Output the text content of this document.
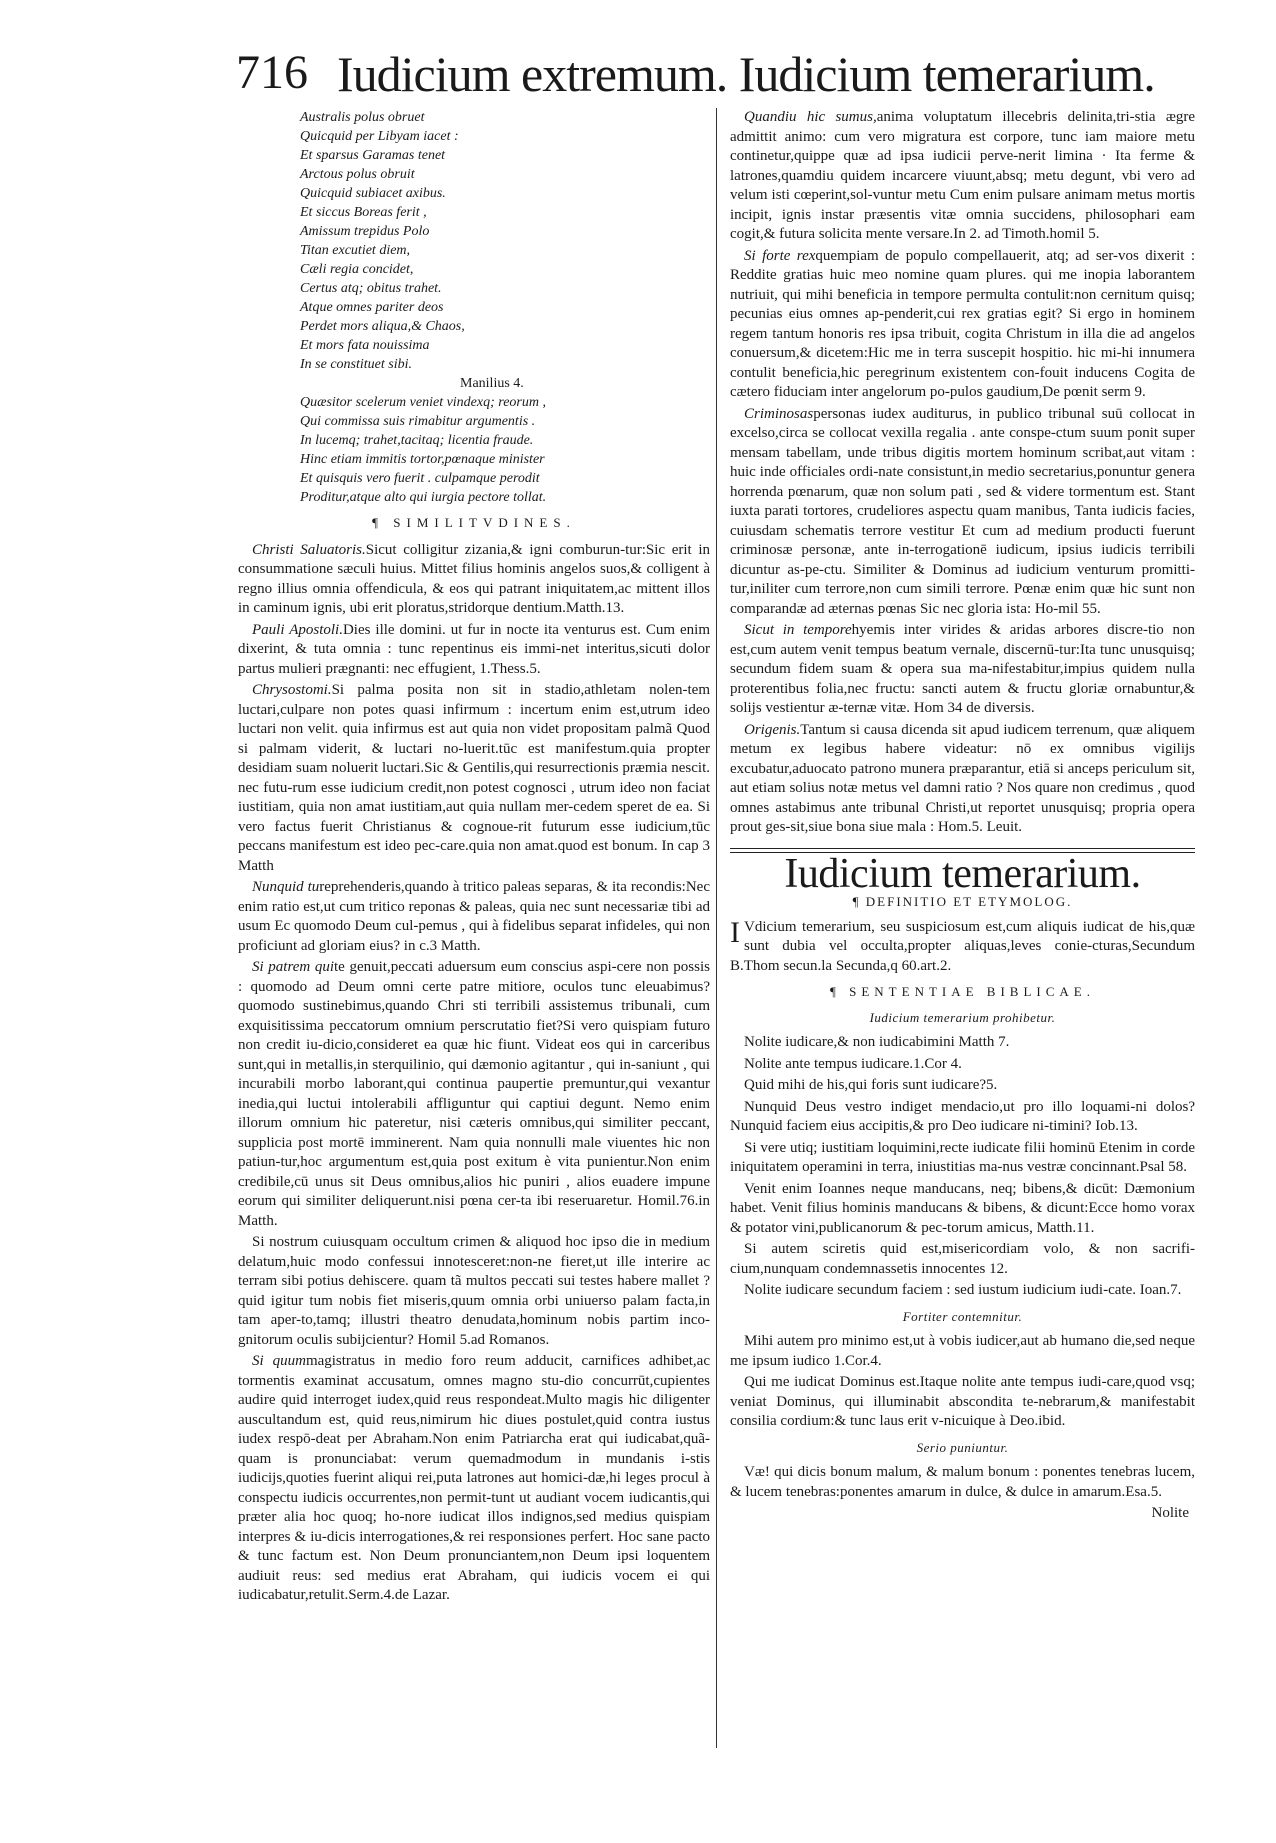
716 Iudicium extremum. Iudicium temerarium.
Australis polus obruet
Quicquid per Libyam iacet :
Et sparsus Garamas tenet
Arctous polus obruit
Quicquid subiacet axibus.
Et siccus Boreas ferit ,
Amissum trepidus Polo
Titan excutiet diem,
Cæli regia concidet,
Certus atq; obitus trahet.
Atque omnes pariter deos
Perdet mors aliqua,& Chaos,
Et mors fata nouissima
In se constituet sibi.
Manilius 4.
Quæsitor scelerum veniet vindexq; reorum ,
Qui commissa suis rimabitur argumentis .
In lucemq; trahet,tacitaq; licentia fraude.
Hinc etiam immitis tortor,pœnaque minister
Et quisquis vero fuerit . culpamque perodit
Proditur,atque alto qui iurgia pectore tollat.
¶ SIMILITVDINES.

Christi Saluatoris.Sicut colligitur zizania,& igni comburun-tur:Sic erit in consummatione sæculi huius. Mittet filius hominis angelos suos,& colligent à regno illius omnia offendicula, & eos qui patrant iniquitatem,ac mittent illos in caminum ignis, ubi erit ploratus,stridorque dentium.Matth.13.

Pauli Apostoli.Dies ille domini. ut fur in nocte ita venturus est. Cum enim dixerint, & tuta omnia : tunc repentinus eis immi-net interitus,sicuti dolor partus mulieri prægnanti: nec effugient, 1.Thess.5.

Chrysostomi.Si palma posita non sit in stadio,athletam nolen-tem luctari,culpare non potes quasi infirmum : incertum enim est,utrum ideo luctari non velit. quia infirmus est aut quia non videt propositam palmã Quod si palmam viderit, & luctari no-luerit.tūc est manifestum.quia propter desidiam suam noluerit luctari.Sic & Gentilis,qui resurrectionis præmia nescit. nec futu-rum esse iudicium credit,non potest cognosci , utrum ideo non faciat iustitiam, quia non amat iustitiam,aut quia nullam mer-cedem speret de ea. Si vero factus fuerit Christianus & cognoue-rit futurum esse iudicium,tūc peccans manifestum est ideo pec-care.quia non amat.quod est bonum. In cap 3 Matth

Nunquid tureprehenderis,quando à tritico paleas separas, & ita recondis:Nec enim ratio est,ut cum tritico reponas & paleas, quia nec sunt necessariæ tibi ad usum Ec quomodo Deum cul-pemus , qui à fidelibus separat infideles, qui non proficiunt ad gloriam eius? in c.3 Matth.

Si patrem quite genuit,peccati aduersum eum conscius aspi-cere non possis : quomodo ad Deum omni certe patre mitiore, oculos tunc eleuabimus? quomodo sustinebimus,quando Chri sti terribili assistemus tribunali, cum exquisitissima peccatorum omnium perscrutatio fiet?Si vero quispiam futuro non credit iu-dicio,consideret ea quæ hic fiunt. Videat eos qui in carceribus sunt,qui in metallis,in sterquilinio, qui dæmonio agitantur , qui in-saniunt , qui incurabili morbo laborant,qui continua paupertie premuntur,qui vexantur inedia,qui luctui intolerabili affliguntur qui captiui degunt. Nemo enim illorum omnium hic pateretur, nisi cæteris omnibus,qui similiter peccant, supplicia post mortē imminerent. Nam quia nonnulli male viuentes hic non patiun-tur,hoc argumentum est,quia post exitum è vita punientur.Non enim credibile,cū unus sit Deus omnibus,alios hic puniri , alios euadere impune eorum qui similiter deliquerunt.nisi pœna cer-ta ibi reseruaretur. Homil.76.in Matth.

Si nostrum cuiusquam occultum crimen & aliquod hoc ipso die in medium delatum,huic modo confessui innotesceret:non-ne fieret,ut ille interire ac terram sibi potius dehiscere. quam tã multos peccati sui testes habere mallet ? quid igitur tum nobis fiet miseris,quum omnia orbi uniuerso palam facta,in tam aper-to,tamq; illustri theatro denudata,hominum nobis partim inco-gnitorum oculis subijcientur? Homil 5.ad Romanos.

Si quummagistratus in medio foro reum adducit, carnifices adhibet,ac tormentis examinat accusatum, omnes magno stu-dio concurrūt,cupientes audire quid interroget iudex,quid reus respondeat.Multo magis hic diligenter auscultandum est, quid reus,nimirum hic diues postulet,quid contra iustus iudex respō-deat per Abraham.Non enim Patriarcha erat qui iudicabat,quã-quam is pronunciabat: verum quemadmodum in mundanis i-stis iudicijs,quoties fuerint aliqui rei,puta latrones aut homici-dæ,hi leges procul à conspectu iudicis occurrentes,non permit-tunt ut audiant vocem iudicantis,qui præter alia hoc quoq; ho-nore iudicat illos indignos,sed medius quispiam interpres & iu-dicis interrogationes,& rei responsiones perfert. Hoc sane pacto & tunc factum est. Non Deum pronunciantem,non Deum ipsi loquentem audiuit reus: sed medius erat Abraham, qui iudicis vocem ei qui iudicabatur,retulit.Serm.4.de Lazar.

Quandiu hic sumus,anima voluptatum illecebris delinita,tri-stia ægre admittit animo: cum vero migratura est corpore, tunc iam maiore metu continetur,quippe quæ ad ipsa iudicii perve-nerit limina · Ita ferme & latrones,quamdiu quidem incarcere viuunt,absq; metu degunt, vbi vero ad velum isti cœperint,sol-vuntur metu Cum enim pulsare animam metus mortis incipit, ignis instar præsentis vitæ omnia succidens, philosophari eam cogit,& futura solicita mente versare.In 2. ad Timoth.homil 5.

Si forte rexquempiam de populo compellauerit, atq; ad ser-vos dixerit : Reddite gratias huic meo nomine quam plures. qui me inopia laborantem nutriuit, qui mihi beneficia in tempore permulta contulit:non cernitum quisq; pecunias eius omnes ap-penderit,cui rex gratias egit? Si ergo in hominem regem tantum honoris res ipsa tribuit, cogita Christum in illa die ad angelos conuersum,& dicetem:Hic me in terra suscepit hospitio. hic mi-hi innumera contulit beneficia,hic peregrinum existentem con-fouit inducens Cogita de cætero fiduciam inter angelorum po-pulos gaudium,De pœnit serm 9.

Criminosaspersonas iudex auditurus, in publico tribunal suū collocat in excelso,circa se collocat vexilla regalia . ante conspe-ctum suum ponit super mensam tabellam, unde tribus digitis mortem hominum scribat,aut vitam : huic inde officiales ordi-nate consistunt,in medio secretarius,ponuntur genera horrenda pœnarum, quæ non solum pati , sed & videre tormentum est. Stant iuxta parati tortores, crudeliores aspectu quam manibus, Tanta iudicis facies, cuiusdam schematis terrore vestitur Et cum ad medium producti fuerunt criminosæ personæ, ante in-terrogationē iudicum, ipsius iudicis terribili dicuntur as-pe-ctu. Similiter & Dominus ad iudicium venturum promitti-tur,iniliter cum terrore,non cum simili terrore. Pœnæ enim quæ hic sunt non comparandæ ad æternas pœnas Sic nec gloria ista: Ho-mil 55.

Sicut in temporehyemis inter virides & aridas arbores discre-tio non est,cum autem venit tempus beatum vernale, discernū-tur:Ita tunc unusquisq; secundum fidem suam & opera sua ma-nifestabitur,impius quidem nulla proterentibus folia,nec fructu: sancti autem & fructu gloriæ ornabuntur,& solijs vestientur æ-ternæ vitæ. Hom 34 de diversis.

Origenis.Tantum si causa dicenda sit apud iudicem terrenum, quæ aliquem metum ex legibus habere videatur: nō ex omnibus vigilijs excubatur,aduocato patrono munera præparantur, etiā si anceps periculum sit, aut etiam solius notæ metus vel damni ratio ? Nos quare non credimus , quod omnes astabimus ante tribunal Christi,ut reportet unusquisq; propria opera prout ges-sit,siue bona siue mala : Hom.5. Leuit.

Iudicium temerarium.
¶ DEFINITIO ET ETYMOLOG.

I Vdicium temerarium, seu suspiciosum est,cum aliquis iudicat de his,quæ sunt dubia vel occulta,propter aliquas,leves conie-cturas,Secundum B.Thom secun.la Secunda,q 60.art.2.

¶ SENTENTIAE BIBLICAE.
Iudicium temerarium prohibetur.

Nolite iudicare,& non iudicabimini Matth 7.

Nolite ante tempus iudicare.1.Cor 4.

Quid mihi de his,qui foris sunt iudicare?5.

Nunquid Deus vestro indiget mendacio,ut pro illo loquami-ni dolos? Nunquid faciem eius accipitis,& pro Deo iudicare ni-timini? Iob.13.

Si vere utiq; iustitiam loquimini,recte iudicate filii hominū Etenim in corde iniquitatem operamini in terra, iniustitias ma-nus vestræ concinnant.Psal 58.

Venit enim Ioannes neque manducans, neq; bibens,& dicūt: Dæmonium habet. Venit filius hominis manducans & bibens, & dicunt:Ecce homo vorax & potator vini,publicanorum & pec-torum amicus, Matth.11.

Si autem sciretis quid est,misericordiam volo, & non sacrifi-cium,nunquam condemnassetis innocentes 12.

Nolite iudicare secundum faciem : sed iustum iudicium iudi-cate. Ioan.7.

Fortiter contemnitur.

Mihi autem pro minimo est,ut à vobis iudicer,aut ab humano die,sed neque me ipsum iudico 1.Cor.4.

Qui me iudicat Dominus est.Itaque nolite ante tempus iudi-care,quod vsq; veniat Dominus, qui illuminabit abscondita te-nebrarum,& manifestabit consilia cordium:& tunc laus erit v-nicuique à Deo.ibid.

Serio puniuntur.

Væ! qui dicis bonum malum, & malum bonum : ponentes tenebras lucem, & lucem tenebras:ponentes amarum in dulce, & dulce in amarum.Esa.5.

Nolite
